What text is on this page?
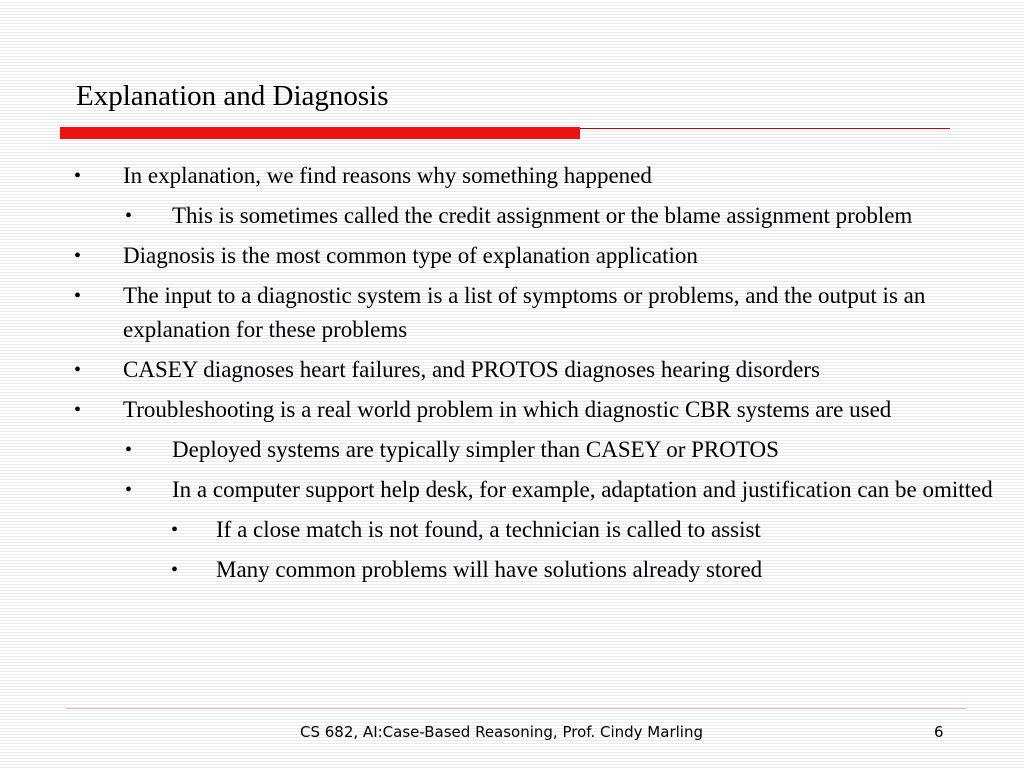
Explanation and Diagnosis
• In explanation, we find reasons why something happened
• This is sometimes called the credit assignment or the blame assignment problem
• Diagnosis is the most common type of explanation application
• The input to a diagnostic system is a list of symptoms or problems, and the output is an explanation for these problems
• CASEY diagnoses heart failures, and PROTOS diagnoses hearing disorders
• Troubleshooting is a real world problem in which diagnostic CBR systems are used
• Deployed systems are typically simpler than CASEY or PROTOS
• In a computer support help desk, for example, adaptation and justification can be omitted
• If a close match is not found, a technician is called to assist
• Many common problems will have solutions already stored
CS 682, AI:Case-Based Reasoning, Prof. Cindy Marling	6
